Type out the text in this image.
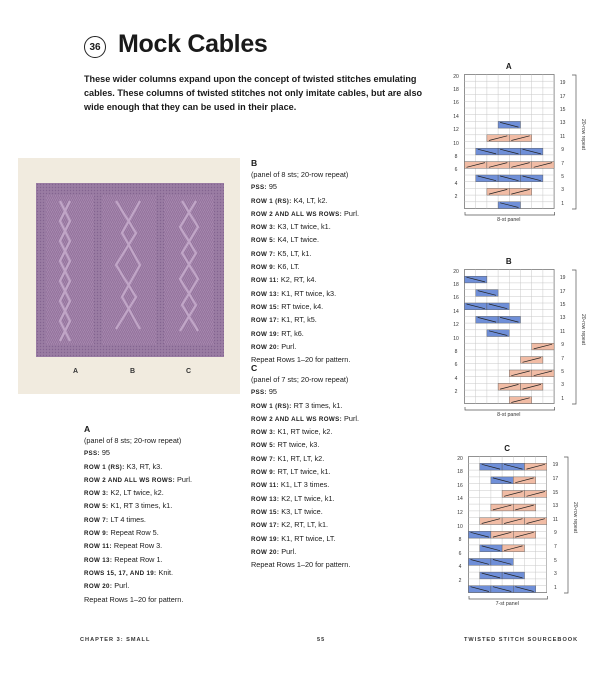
36 Mock Cables
These wider columns expand upon the concept of twisted stitches emulating cables. These columns of twisted stitches not only imitate cables, but are also wide enough that they can be used in their place.
A	B	C
B
(panel of 8 sts; 20-row repeat)
PSS: 95
ROW 1 (RS): K4, LT, k2.
ROW 2 AND ALL WS ROWS: Purl.
ROW 3: K3, LT twice, k1.
ROW 5: K4, LT twice.
ROW 7: K5, LT, k1.
ROW 9: K6, LT.
ROW 11: K2, RT, k4.
ROW 13: K1, RT twice, k3.
ROW 15: RT twice, k4.
ROW 17: K1, RT, k5.
ROW 19: RT, k6.
ROW 20: Purl.
Repeat Rows 1–20 for pattern.
C
(panel of 7 sts; 20-row repeat)
PSS: 95
ROW 1 (RS): RT 3 times, k1.
ROW 2 AND ALL WS ROWS: Purl.
ROW 3: K1, RT twice, k2.
ROW 5: RT twice, k3.
ROW 7: K1, RT, LT, k2.
ROW 9: RT, LT twice, k1.
ROW 11: K1, LT 3 times.
ROW 13: K2, LT twice, k1.
ROW 15: K3, LT twice.
ROW 17: K2, RT, LT, k1.
ROW 19: K1, RT twice, LT.
ROW 20: Purl.
Repeat Rows 1–20 for pattern.
A
(panel of 8 sts; 20-row repeat)
PSS: 95
ROW 1 (RS): K3, RT, k3.
ROW 2 AND ALL WS ROWS: Purl.
ROW 3: K2, LT twice, k2.
ROW 5: K1, RT 3 times, k1.
ROW 7: LT 4 times.
ROW 9: Repeat Row 5.
ROW 11: Repeat Row 3.
ROW 13: Repeat Row 1.
ROWS 15, 17, AND 19: Knit.
ROW 20: Purl.
Repeat Rows 1–20 for pattern.
A
20
18
16
14
12
10
8
6
4
2
19
17
15
13
11
9
7
5
3
1
20-row repeat
8-st panel
B
20
18
16
14
12
10
8
6
4
2
19
17
15
13
11
9
7
5
3
1
20-row repeat
8-st panel
C
20
18
16
14
12
10
8
6
4
2
19
17
15
13
11
9
7
5
3
1
20-row repeat
7-st panel
CHAPTER 3: SMALL	55	TWISTED STITCH SOURCEBOOK
